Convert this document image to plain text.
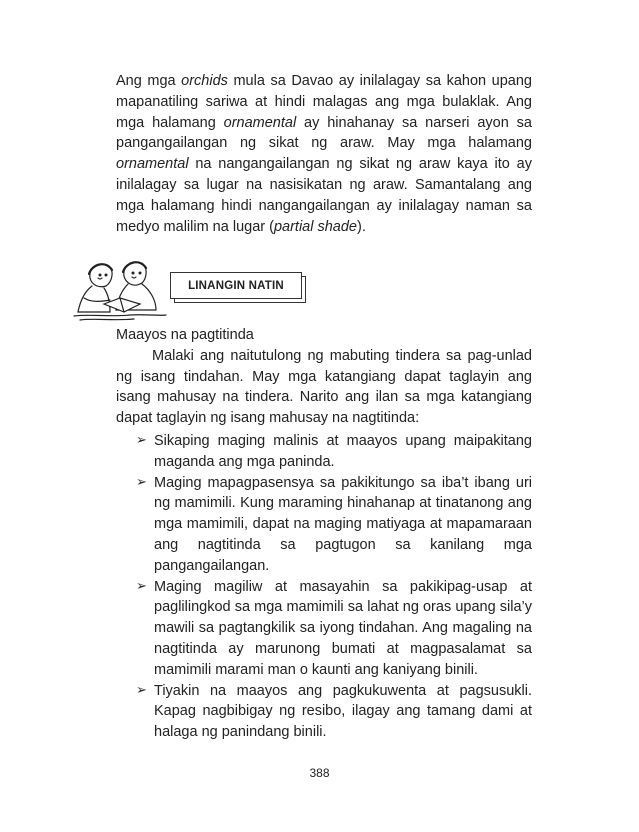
Ang mga orchids mula sa Davao ay inilalagay sa kahon upang mapanatiling sariwa at hindi malagas ang mga bulaklak. Ang mga halamang ornamental ay hinahanay sa narseri ayon sa pangangailangan ng sikat ng araw. May mga halamang ornamental na nangangailangan ng sikat ng araw kaya ito ay inilalagay sa lugar na nasisikatan ng araw. Samantalang ang mga halamang hindi nangangailangan ay inilalagay naman sa medyo malilim na lugar (partial shade).

LINANGIN NATIN

Maayos na pagtitinda

Malaki ang naitutulong ng mabuting tindera sa pag-unlad ng isang tindahan. May mga katangiang dapat taglayin ang isang mahusay na tindera. Narito ang ilan sa mga katangiang dapat taglayin ng isang mahusay na nagtitinda:

➢ Sikaping maging malinis at maayos upang maipakitang maganda ang mga paninda.
➢ Maging mapagpasensya sa pakikitungo sa iba’t ibang uri ng mamimili. Kung maraming hinahanap at tinatanong ang mga mamimili, dapat na maging matiyaga at mapamaraan ang nagtitinda sa pagtugon sa kanilang mga pangangailangan.
➢ Maging magiliw at masayahin sa pakikipag-usap at paglilingkod sa mga mamimili sa lahat ng oras upang sila’y mawili sa pagtangkilik sa iyong tindahan. Ang magaling na nagtitinda ay marunong bumati at magpasalamat sa mamimili marami man o kaunti ang kaniyang binili.
➢ Tiyakin na maayos ang pagkukuwenta at pagsusukli. Kapag nagbibigay ng resibo, ilagay ang tamang dami at halaga ng panindang binili.
388
